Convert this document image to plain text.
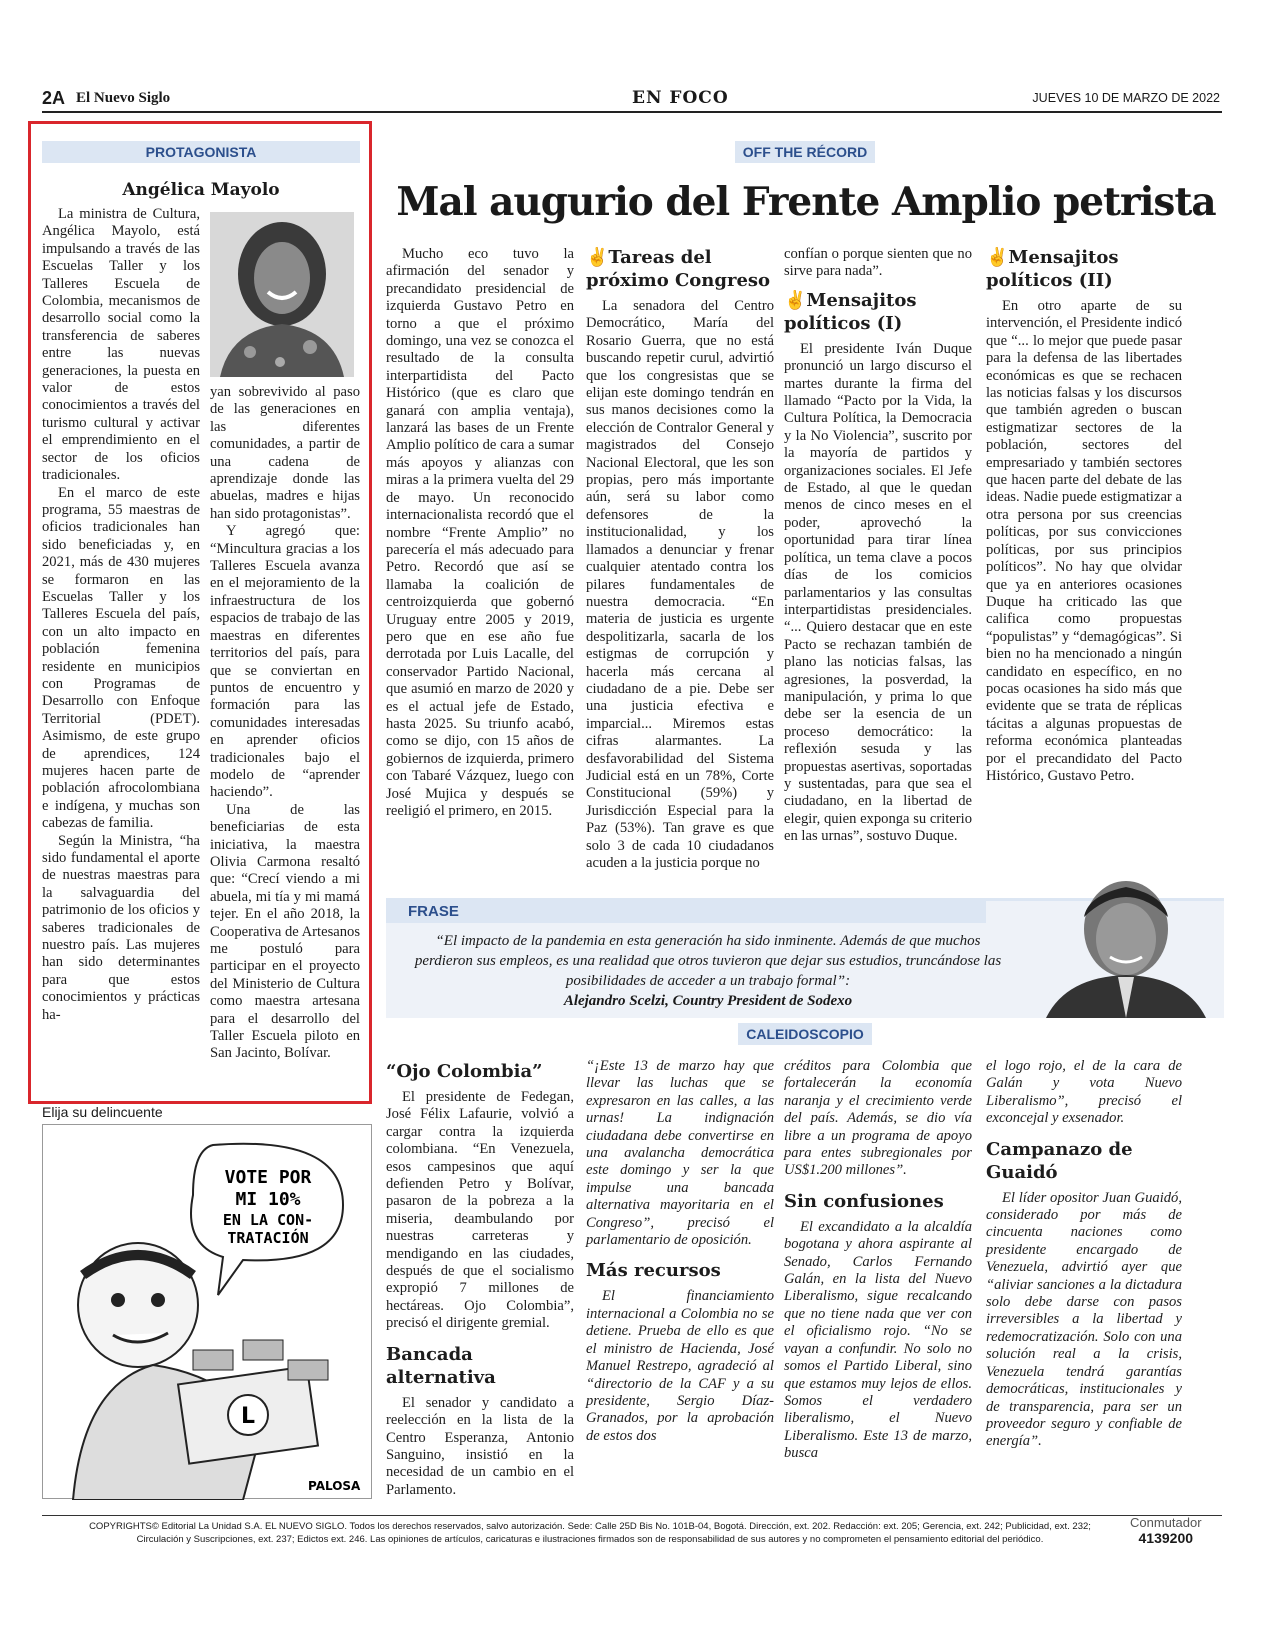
2A El Nuevo Siglo	EN FOCO	JUEVES 10 DE MARZO DE 2022
PROTAGONISTA
Angélica Mayolo

La ministra de Cultura, Angélica Mayolo, está impulsando a través de las Escuelas Taller y los Talleres Escuela de Colombia, mecanismos de desarrollo social como la transferencia de saberes entre las nuevas generaciones, la puesta en valor de estos conocimientos a través del turismo cultural y activar el emprendimiento en el sector de los oficios tradicionales.

En el marco de este programa, 55 maestras de oficios tradicionales han sido beneficiadas y, en 2021, más de 430 mujeres se formaron en las Escuelas Taller y los Talleres Escuela del país, con un alto impacto en población femenina residente en municipios con Programas de Desarrollo con Enfoque Territorial (PDET). Asimismo, de este grupo de aprendices, 124 mujeres hacen parte de población afrocolombiana e indígena, y muchas son cabezas de familia.

Según la Ministra, “ha sido fundamental el aporte de nuestras maestras para la salvaguardia del patrimonio de los oficios y saberes tradicionales de nuestro país. Las mujeres han sido determinantes para que estos conocimientos y prácticas ha-

yan sobrevivido al paso de las generaciones en las diferentes comunidades, a partir de una cadena de aprendizaje donde las abuelas, madres e hijas han sido protagonistas”.

Y agregó que: “Mincultura gracias a los Talleres Escuela avanza en el mejoramiento de la infraestructura de los espacios de trabajo de las maestras en diferentes territorios del país, para que se conviertan en puntos de encuentro y formación para las comunidades interesadas en aprender oficios tradicionales bajo el modelo de “aprender haciendo”.

Una de las beneficiarias de esta iniciativa, la maestra Olivia Carmona resaltó que: “Crecí viendo a mi abuela, mi tía y mi mamá tejer. En el año 2018, la Cooperativa de Artesanos me postuló para participar en el proyecto del Ministerio de Cultura como maestra artesana para el desarrollo del Taller Escuela piloto en San Jacinto, Bolívar.

OFF THE RÉCORD
Mal augurio del Frente Amplio petrista

Mucho eco tuvo la afirmación del senador y precandidato presidencial de izquierda Gustavo Petro en torno a que el próximo domingo, una vez se conozca el resultado de la consulta interpartidista del Pacto Histórico (que es claro que ganará con amplia ventaja), lanzará las bases de un Frente Amplio político de cara a sumar más apoyos y alianzas con miras a la primera vuelta del 29 de mayo. Un reconocido internacionalista recordó que el nombre “Frente Amplio” no parecería el más adecuado para Petro. Recordó que así se llamaba la coalición de centroizquierda que gobernó Uruguay entre 2005 y 2019, pero que en ese año fue derrotada por Luis Lacalle, del conservador Partido Nacional, que asumió en marzo de 2020 y es el actual jefe de Estado, hasta 2025. Su triunfo acabó, como se dijo, con 15 años de gobiernos de izquierda, primero con Tabaré Vázquez, luego con José Mujica y después se reeligió el primero, en 2015.

✌Tareas del próximo Congreso

La senadora del Centro Democrático, María del Rosario Guerra, que no está buscando repetir curul, advirtió que los congresistas que se elijan este domingo tendrán en sus manos decisiones como la elección de Contralor General y magistrados del Consejo Nacional Electoral, que les son propias, pero más importante aún, será su labor como defensores de la institucionalidad, y los llamados a denunciar y frenar cualquier atentado contra los pilares fundamentales de nuestra democracia. “En materia de justicia es urgente despolitizarla, sacarla de los estigmas de corrupción y hacerla más cercana al ciudadano de a pie. Debe ser una justicia efectiva e imparcial... Miremos estas cifras alarmantes. La desfavorabilidad del Sistema Judicial está en un 78%, Corte Constitucional (59%) y Jurisdicción Especial para la Paz (53%). Tan grave es que solo 3 de cada 10 ciudadanos acuden a la justicia porque no

confían o porque sienten que no sirve para nada”.

✌Mensajitos políticos (I)

El presidente Iván Duque pronunció un largo discurso el martes durante la firma del llamado “Pacto por la Vida, la Cultura Política, la Democracia y la No Violencia”, suscrito por la mayoría de partidos y organizaciones sociales. El Jefe de Estado, al que le quedan menos de cinco meses en el poder, aprovechó la oportunidad para tirar línea política, un tema clave a pocos días de los comicios parlamentarios y las consultas interpartidistas presidenciales. “... Quiero destacar que en este Pacto se rechazan también de plano las noticias falsas, las agresiones, la posverdad, la manipulación, y prima lo que debe ser la esencia de un proceso democrático: la reflexión sesuda y las propuestas asertivas, soportadas y sustentadas, para que sea el ciudadano, en la libertad de elegir, quien exponga su criterio en las urnas”, sostuvo Duque.

✌Mensajitos políticos (II)

En otro aparte de su intervención, el Presidente indicó que “... lo mejor que puede pasar para la defensa de las libertades económicas es que se rechacen las noticias falsas y los discursos que también agreden o buscan estigmatizar sectores de la población, sectores del empresariado y también sectores que hacen parte del debate de las ideas. Nadie puede estigmatizar a otra persona por sus creencias políticas, por sus convicciones políticas, por sus principios políticos”. No hay que olvidar que ya en anteriores ocasiones Duque ha criticado las que califica como propuestas “populistas” y “demagógicas”. Si bien no ha mencionado a ningún candidato en específico, en no pocas ocasiones ha sido más que evidente que se trata de réplicas tácitas a algunas propuestas de reforma económica planteadas por el precandidato del Pacto Histórico, Gustavo Petro.

FRASE
“El impacto de la pandemia en esta generación ha sido inminente. Además de que muchos perdieron sus empleos, es una realidad que otros tuvieron que dejar sus estudios, truncándose las posibilidades de acceder a un trabajo formal”:
Alejandro Scelzi, Country President de Sodexo
CALEIDOSCOPIO
“Ojo Colombia”

El presidente de Fedegan, José Félix Lafaurie, volvió a cargar contra la izquierda colombiana. “En Venezuela, esos campesinos que aquí defienden Petro y Bolívar, pasaron de la pobreza a la miseria, deambulando por nuestras carreteras y mendigando en las ciudades, después de que el socialismo expropió 7 millones de hectáreas. Ojo Colombia”, precisó el dirigente gremial.

Bancada alternativa

El senador y candidato a reelección en la lista de la Centro Esperanza, Antonio Sanguino, insistió en la necesidad de un cambio en el Parlamento.

“¡Este 13 de marzo hay que llevar las luchas que se expresaron en las calles, a las urnas! La indignación ciudadana debe convertirse en una avalancha democrática este domingo y ser la que impulse una bancada alternativa mayoritaria en el Congreso”, precisó el parlamentario de oposición.

Más recursos

El financiamiento internacional a Colombia no se detiene. Prueba de ello es que el ministro de Hacienda, José Manuel Restrepo, agradeció al “directorio de la CAF y a su presidente, Sergio Díaz-Granados, por la aprobación de estos dos

créditos para Colombia que fortalecerán la economía naranja y el crecimiento verde del país. Además, se dio vía libre a un programa de apoyo para entes subregionales por US$1.200 millones”.

Sin confusiones

El excandidato a la alcaldía bogotana y ahora aspirante al Senado, Carlos Fernando Galán, en la lista del Nuevo Liberalismo, sigue recalcando que no tiene nada que ver con el oficialismo rojo. “No se vayan a confundir. No solo no somos el Partido Liberal, sino que estamos muy lejos de ellos. Somos el verdadero liberalismo, el Nuevo Liberalismo. Este 13 de marzo, busca

el logo rojo, el de la cara de Galán y vota Nuevo Liberalismo”, precisó el exconcejal y exsenador.

Campanazo de Guaidó

El líder opositor Juan Guaidó, considerado por más de cincuenta naciones como presidente encargado de Venezuela, advirtió ayer que “aliviar sanciones a la dictadura solo debe darse con pasos irreversibles a la libertad y redemocratización. Solo con una solución real a la crisis, Venezuela tendrá garantías democráticas, institucionales y de transparencia, para ser un proveedor seguro y confiable de energía”.

Elija su delincuente
VOTE POR
MI 10%
EN LA CON-
TRATACIÓN
L
PALOSA
COPYRIGHTS© Editorial La Unidad S.A. EL NUEVO SIGLO. Todos los derechos reservados, salvo autorización. Sede: Calle 25D Bis No. 101B-04, Bogotá. Dirección, ext. 202. Redacción: ext. 205; Gerencia, ext. 242; Publicidad, ext. 232;
Circulación y Suscripciones, ext. 237; Edictos ext. 246. Las opiniones de artículos, caricaturas e ilustraciones firmados son de responsabilidad de sus autores y no comprometen el pensamiento editorial del periódico.
Conmutador
4139200
